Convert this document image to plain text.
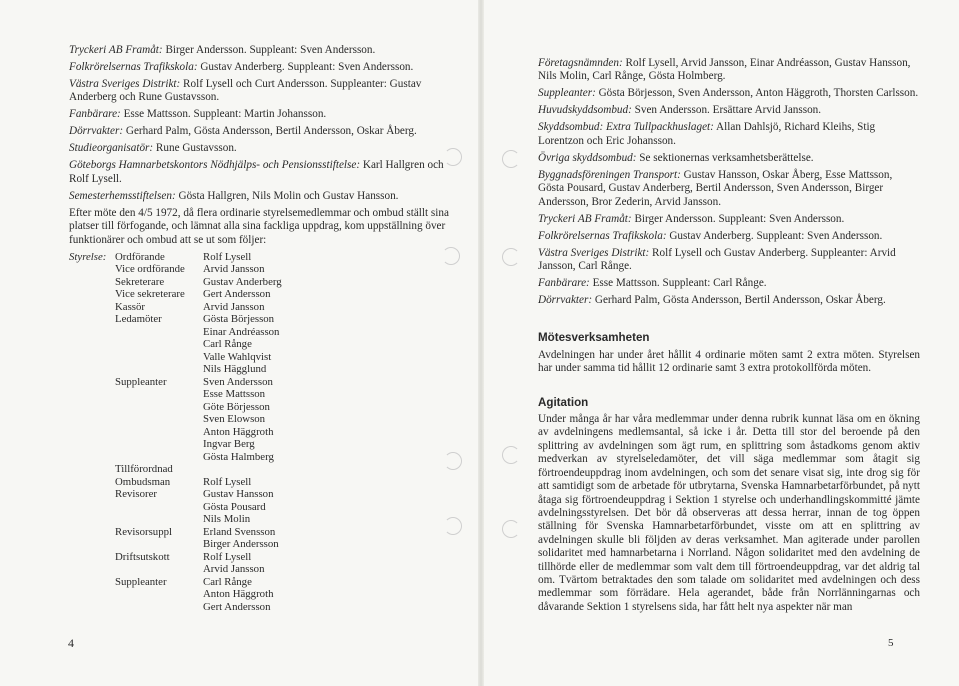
Tryckeri AB Framåt: Birger Andersson. Suppleant: Sven Andersson.

Folkrörelsernas Trafikskola: Gustav Anderberg. Suppleant: Sven Andersson.

Västra Sveriges Distrikt: Rolf Lysell och Curt Andersson. Suppleanter: Gustav Anderberg och Rune Gustavsson.

Fanbärare: Esse Mattsson. Suppleant: Martin Johansson.

Dörrvakter: Gerhard Palm, Gösta Andersson, Bertil Andersson, Oskar Åberg.

Studieorganisatör: Rune Gustavsson.

Göteborgs Hamnarbetskontors Nödhjälps- och Pensionsstiftelse: Karl Hallgren och Rolf Lysell.

Semesterhemsstiftelsen: Gösta Hallgren, Nils Molin och Gustav Hansson.

Efter möte den 4/5 1972, då flera ordinarie styrelsemedlemmar och ombud ställt sina platser till förfogande, och lämnat alla sina fackliga uppdrag, kom uppställning över funktionärer och ombud att se ut som följer:

Styrelse: Ordförande	Rolf Lysell
Vice ordförande	Arvid Jansson
Sekreterare	Gustav Anderberg
Vice sekreterare	Gert Andersson
Kassör	Arvid Jansson
Ledamöter	Gösta Börjesson
Einar Andréasson
Carl Rånge
Valle Wahlqvist
Nils Hägglund
Suppleanter	Sven Andersson
Esse Mattsson
Göte Börjesson
Sven Elowson
Anton Häggroth
Ingvar Berg
Gösta Halmberg
Tillförordnad
Ombudsman	Rolf Lysell
Revisorer	Gustav Hansson
Gösta Pousard
Nils Molin
Revisorsuppl	Erland Svensson
Birger Andersson
Driftsutskott	Rolf Lysell
Arvid Jansson
Suppleanter	Carl Rånge
Anton Häggroth
Gert Andersson
4

Företagsnämnden: Rolf Lysell, Arvid Jansson, Einar Andréasson, Gustav Hansson, Nils Molin, Carl Rånge, Gösta Holmberg.

Suppleanter: Gösta Börjesson, Sven Andersson, Anton Häggroth, Thorsten Carlsson.

Huvudskyddsombud: Sven Andersson. Ersättare Arvid Jansson.

Skyddsombud: Extra Tullpackhuslaget: Allan Dahlsjö, Richard Kleihs, Stig Lorentzon och Eric Johansson.

Övriga skyddsombud: Se sektionernas verksamhetsberättelse.

Byggnadsföreningen Transport: Gustav Hansson, Oskar Åberg, Esse Mattsson, Gösta Pousard, Gustav Anderberg, Bertil Andersson, Sven Andersson, Birger Andersson, Bror Zederin, Arvid Jansson.

Tryckeri AB Framåt: Birger Andersson. Suppleant: Sven Andersson.

Folkrörelsernas Trafikskola: Gustav Anderberg. Suppleant: Sven Andersson.

Västra Sveriges Distrikt: Rolf Lysell och Gustav Anderberg. Suppleanter: Arvid Jansson, Carl Rånge.

Fanbärare: Esse Mattsson. Suppleant: Carl Rånge.

Dörrvakter: Gerhard Palm, Gösta Andersson, Bertil Andersson, Oskar Åberg.

Mötesverksamheten

Avdelningen har under året hållit 4 ordinarie möten samt 2 extra möten. Styrelsen har under samma tid hållit 12 ordinarie samt 3 extra protokollförda möten.

Agitation

Under många år har våra medlemmar under denna rubrik kunnat läsa om en ökning av avdelningens medlemsantal, så icke i år. Detta till stor del beroende på den splittring av avdelningen som ägt rum, en splittring som åstadkoms genom aktiv medverkan av styrelseledamöter, det vill säga medlemmar som åtagit sig förtroendeuppdrag inom avdelningen, och som det senare visat sig, inte drog sig för att samtidigt som de arbetade för utbrytarna, Svenska Hamnarbetarförbundet, på nytt åtaga sig förtroendeuppdrag i Sektion 1 styrelse och underhandlingskommitté jämte avdelningsstyrelsen. Det bör då observeras att dessa herrar, innan de tog öppen ställning för Svenska Hamnarbetarförbundet, visste om att en splittring av avdelningen skulle bli följden av deras verksamhet. Man agiterade under parollen solidaritet med hamnarbetarna i Norrland. Någon solidaritet med den avdelning de tillhörde eller de medlemmar som valt dem till förtroendeuppdrag, var det aldrig tal om. Tvärtom betraktades den som talade om solidaritet med avdelningen och dess medlemmar som förrädare. Hela agerandet, både från Norrlänningarnas och dåvarande Sektion 1 styrelsens sida, har fått helt nya aspekter när man

5
